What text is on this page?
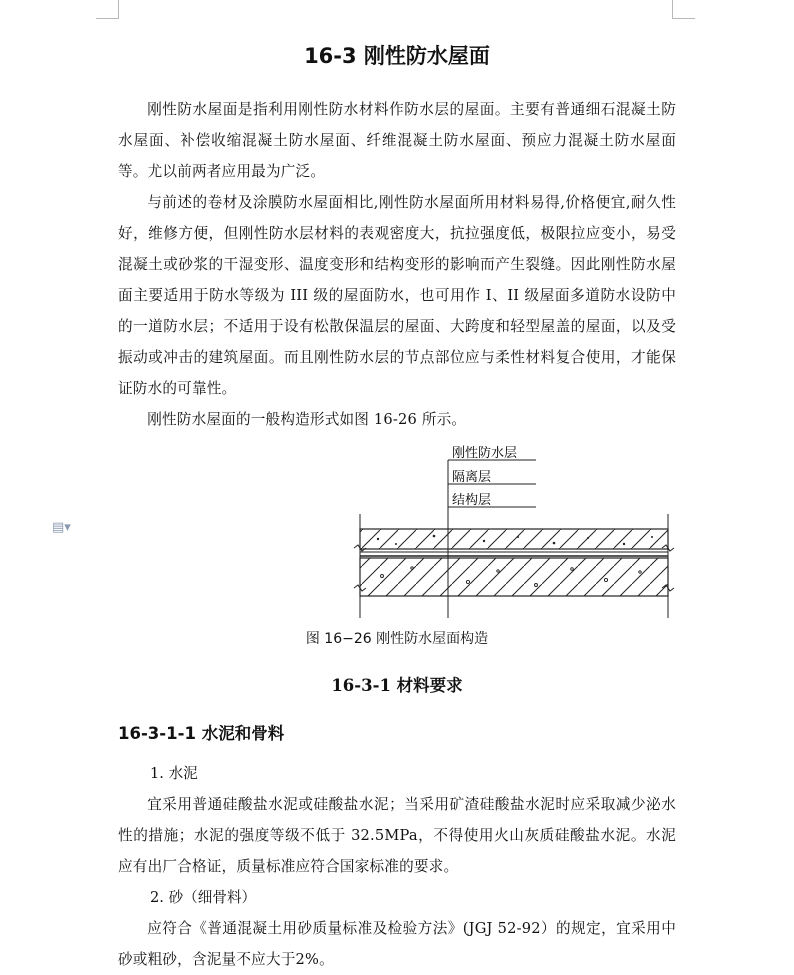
▤▾
16-3 刚性防水屋面

刚性防水屋面是指利用刚性防水材料作防水层的屋面。主要有普通细石混凝土防水屋面、补偿收缩混凝土防水屋面、纤维混凝土防水屋面、预应力混凝土防水屋面等。尤以前两者应用最为广泛。

与前述的卷材及涂膜防水屋面相比,刚性防水屋面所用材料易得,价格便宜,耐久性好，维修方便，但刚性防水层材料的表观密度大，抗拉强度低，极限拉应变小，易受混凝土或砂浆的干湿变形、温度变形和结构变形的影响而产生裂缝。因此刚性防水屋面主要适用于防水等级为 III 级的屋面防水，也可用作 I、II 级屋面多道防水设防中的一道防水层；不适用于设有松散保温层的屋面、大跨度和轻型屋盖的屋面，以及受振动或冲击的建筑屋面。而且刚性防水层的节点部位应与柔性材料复合使用，才能保证防水的可靠性。

刚性防水屋面的一般构造形式如图 16-26 所示。

刚性防水层
隔离层
结构层
图 16−26 刚性防水屋面构造
16-3-1 材料要求
16-3-1-1 水泥和骨料
1. 水泥

宜采用普通硅酸盐水泥或硅酸盐水泥；当采用矿渣硅酸盐水泥时应采取减少泌水性的措施；水泥的强度等级不低于 32.5MPa，不得使用火山灰质硅酸盐水泥。水泥应有出厂合格证，质量标准应符合国家标准的要求。

2. 砂（细骨料）

应符合《普通混凝土用砂质量标准及检验方法》(JGJ 52-92）的规定，宜采用中砂或粗砂，含泥量不应大于2%。
